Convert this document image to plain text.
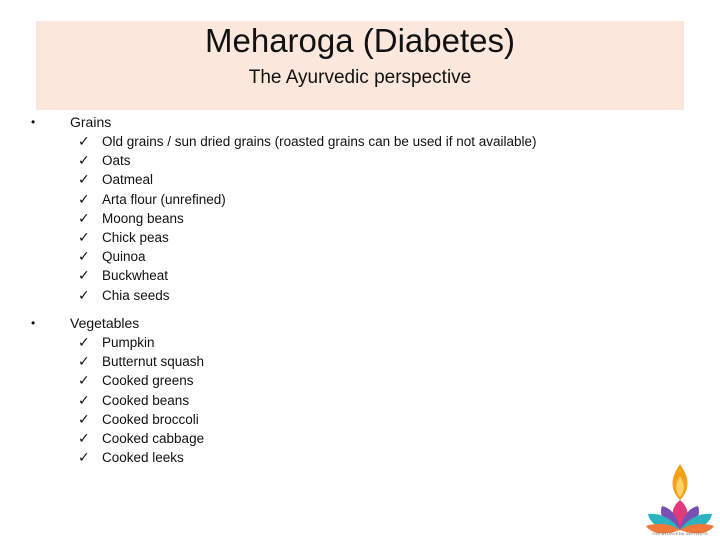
Meharoga (Diabetes)
The Ayurvedic perspective
• Grains
✓ Old grains / sun dried grains (roasted grains can be used if not available)
✓ Oats
✓ Oatmeal
✓ Arta flour (unrefined)
✓ Moong beans
✓ Chick peas
✓ Quinoa
✓ Buckwheat
✓ Chia seeds
• Vegetables
✓ Pumpkin
✓ Butternut squash
✓ Cooked greens
✓ Cooked beans
✓ Cooked broccoli
✓ Cooked cabbage
✓ Cooked leeks
THE AYURVEDA INSTITUTE
